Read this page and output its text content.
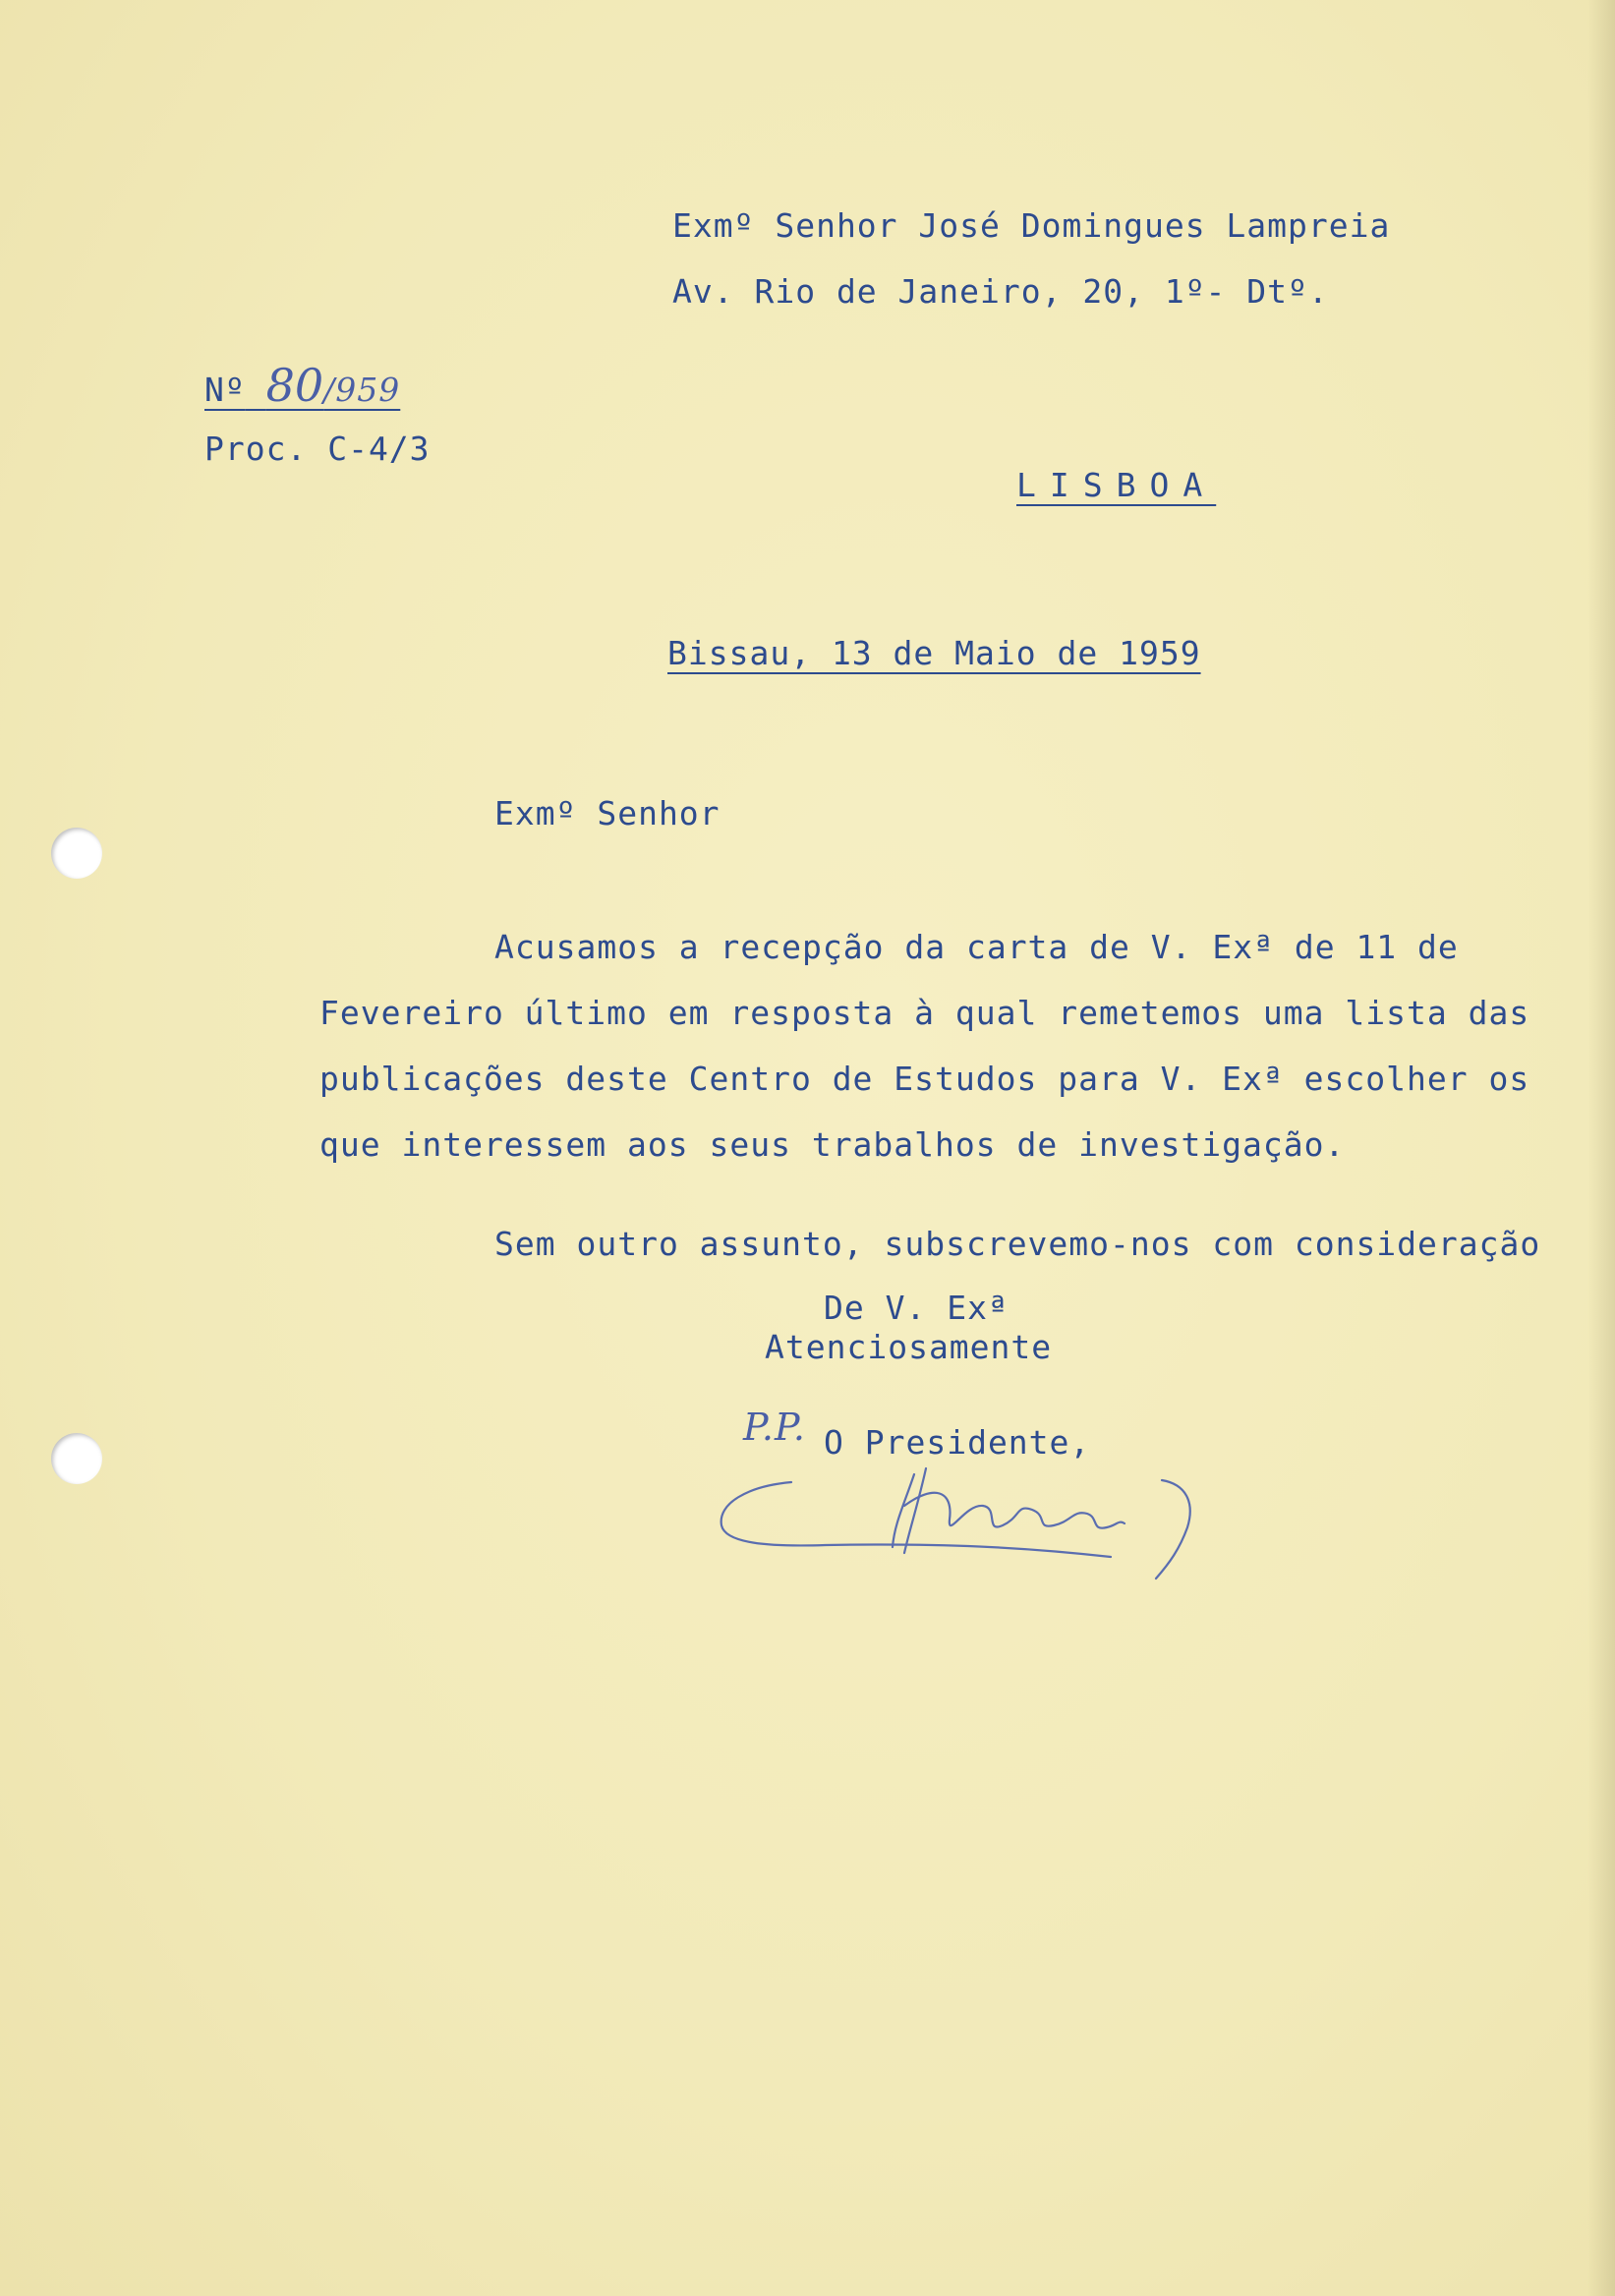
Exmº Senhor José Domingues Lampreia
Av. Rio de Janeiro, 20, 1º- Dtº.
Nº 80/959
Proc. C-4/3
LISBOA
Bissau, 13 de Maio de 1959
Exmº Senhor
Acusamos a recepção da carta de V. Exª de 11 de
Fevereiro último em resposta à qual remetemos uma lista das
publicações deste Centro de Estudos para V. Exª escolher os
que interessem aos seus trabalhos de investigação.
Sem outro assunto, subscrevemo-nos com consideração
De V. Exª
Atenciosamente
P.P. O Presidente,
